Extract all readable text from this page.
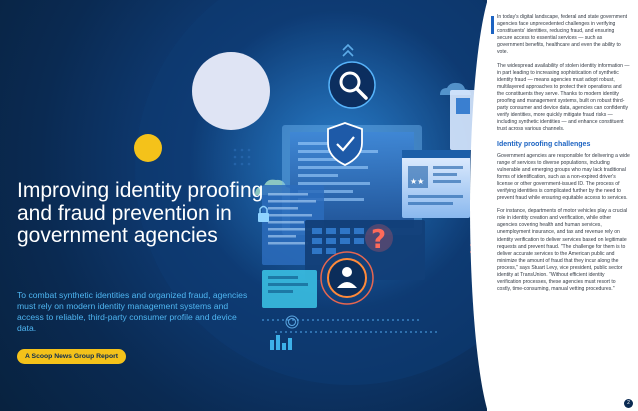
★★
?
Improving identity proofing and fraud prevention in government agencies

To combat synthetic identities and organized fraud, agencies must rely on modern identity management systems and access to reliable, third-party consumer profile and device data.

A Scoop News Group Report

In today's digital landscape, federal and state government agencies face unprecedented challenges in verifying constituents' identities, reducing fraud, and ensuring secure access to essential services — such as government benefits, healthcare and even the ability to vote.

The widespread availability of stolen identity information — in part leading to increasing sophistication of synthetic identity fraud — means agencies must adopt robust, multilayered approaches to protect their operations and the constituents they serve. Thanks to modern identity proofing and management systems, built on robust third-party consumer and device data, agencies can confidently verify identities, more quickly mitigate fraud risks — including synthetic identities — and enhance constituent trust across various channels.

Identity proofing challenges

Government agencies are responsible for delivering a wide range of services to diverse populations, including vulnerable and emerging groups who may lack traditional forms of identification, such as a non-expired driver's license or other government-issued ID. The process of verifying identities is complicated further by the need to prevent fraud while ensuring equitable access to services.

For instance, departments of motor vehicles play a crucial role in identity creation and verification, while other agencies covering health and human services, unemployment insurance, and tax and revenue rely on identity verification to deliver services based on legitimate requests and prevent fraud. "The challenge for them is to deliver accurate services to the American public and minimize the amount of fraud that they incur along the process," says Stuart Levy, vice president, public sector identity at TransUnion. "Without efficient identity verification processes, these agencies must resort to costly, time-consuming, manual vetting procedures."

2
